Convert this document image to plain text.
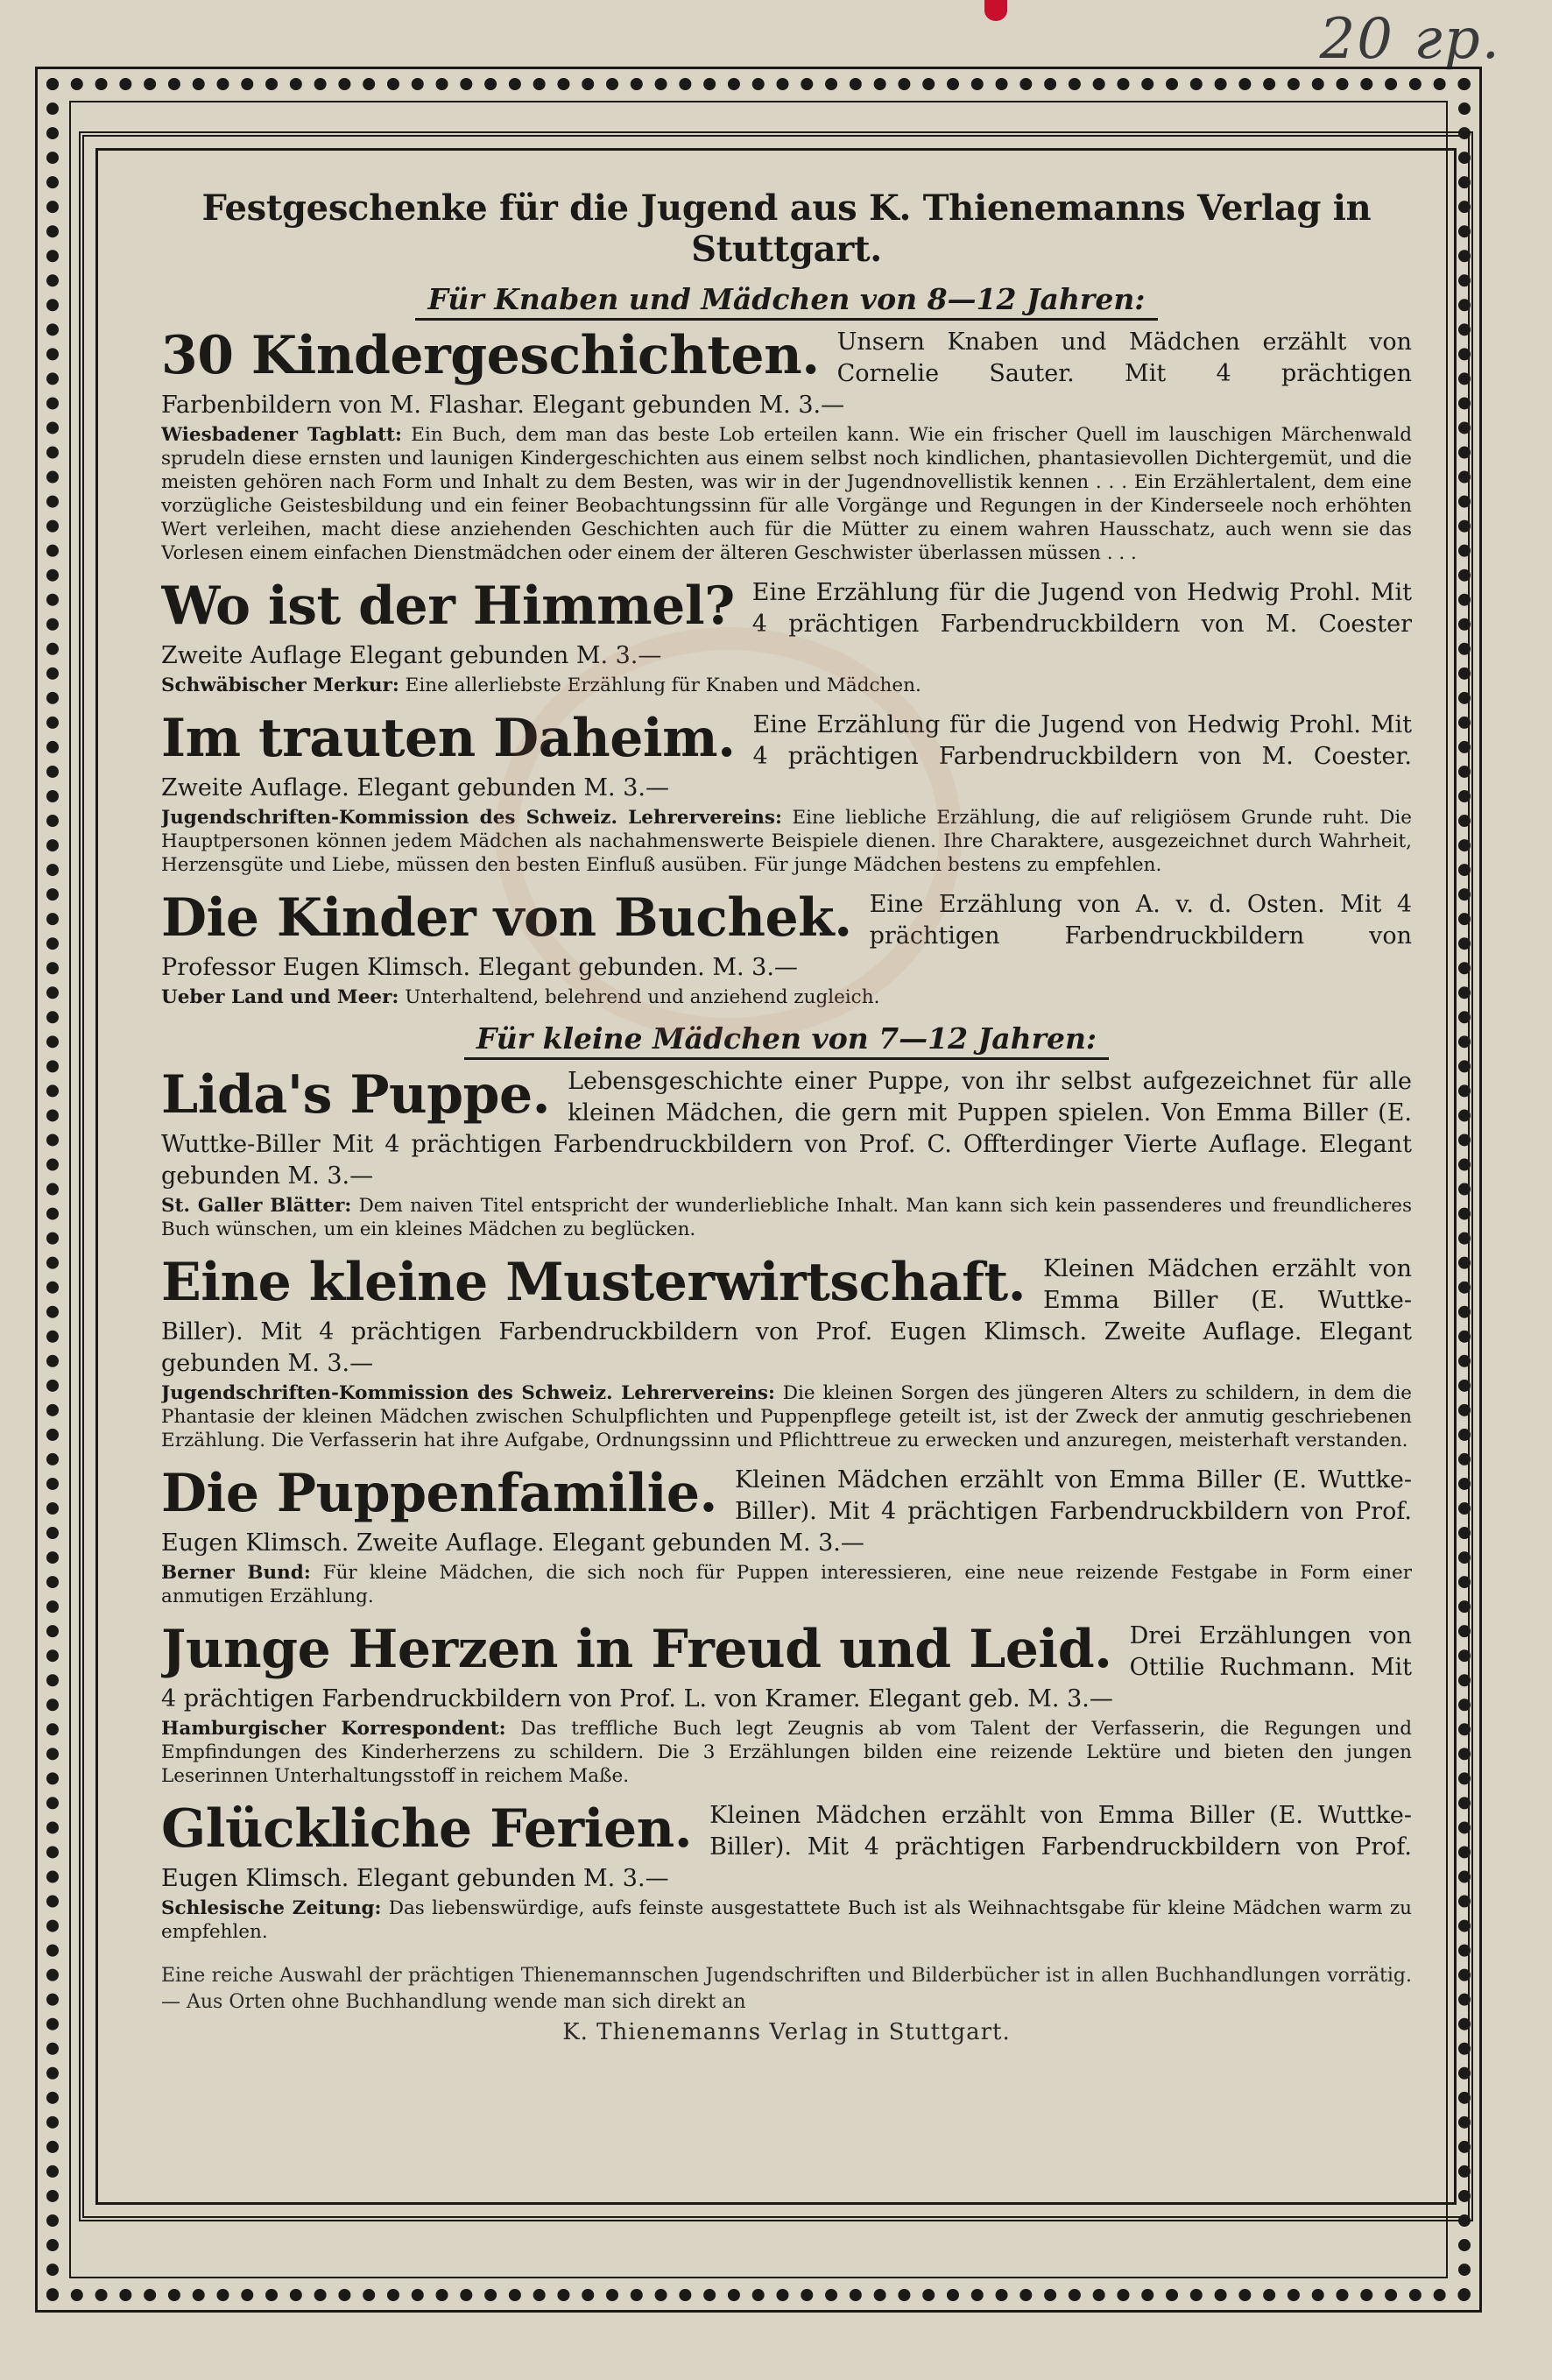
20 гр.
Festgeschenke für die Jugend aus K. Thienemanns Verlag in Stuttgart.
Für Knaben und Mädchen von 8—12 Jahren:
30 Kindergeschichten. Unsern Knaben und Mädchen erzählt von Cornelie Sauter. Mit 4 prächtigen Farbenbildern von M. Flashar. Elegant gebunden M. 3.—
Wiesbadener Tagblatt: Ein Buch, dem man das beste Lob erteilen kann. Wie ein frischer Quell im lauschigen Märchenwald sprudeln diese ernsten und launigen Kindergeschichten aus einem selbst noch kindlichen, phantasievollen Dichtergemüt, und die meisten gehören nach Form und Inhalt zu dem Besten, was wir in der Jugendnovellistik kennen . . . Ein Erzählertalent, dem eine vorzügliche Geistesbildung und ein feiner Beobachtungssinn für alle Vorgänge und Regungen in der Kinderseele noch erhöhten Wert verleihen, macht diese anziehenden Geschichten auch für die Mütter zu einem wahren Hausschatz, auch wenn sie das Vorlesen einem einfachen Dienstmädchen oder einem der älteren Geschwister überlassen müssen . . .
Wo ist der Himmel? Eine Erzählung für die Jugend von Hedwig Prohl. Mit 4 prächtigen Farbendruckbildern von M. Coester Zweite Auflage Elegant gebunden M. 3.—
Schwäbischer Merkur: Eine allerliebste Erzählung für Knaben und Mädchen.
Im trauten Daheim. Eine Erzählung für die Jugend von Hedwig Prohl. Mit 4 prächtigen Farbendruckbildern von M. Coester. Zweite Auflage. Elegant gebunden M. 3.—
Jugendschriften-Kommission des Schweiz. Lehrervereins: Eine liebliche Erzählung, die auf religiösem Grunde ruht. Die Hauptpersonen können jedem Mädchen als nachahmenswerte Beispiele dienen. Ihre Charaktere, ausgezeichnet durch Wahrheit, Herzensgüte und Liebe, müssen den besten Einfluß ausüben. Für junge Mädchen bestens zu empfehlen.
Die Kinder von Buchek. Eine Erzählung von A. v. d. Osten. Mit 4 prächtigen Farbendruckbildern von Professor Eugen Klimsch. Elegant gebunden. M. 3.—
Ueber Land und Meer: Unterhaltend, belehrend und anziehend zugleich.
Für kleine Mädchen von 7—12 Jahren:
Lida's Puppe. Lebensgeschichte einer Puppe, von ihr selbst aufgezeichnet für alle kleinen Mädchen, die gern mit Puppen spielen. Von Emma Biller (E. Wuttke-Biller Mit 4 prächtigen Farbendruckbildern von Prof. C. Offterdinger Vierte Auflage. Elegant gebunden M. 3.—
St. Galler Blätter: Dem naiven Titel entspricht der wunderliebliche Inhalt. Man kann sich kein passenderes und freundlicheres Buch wünschen, um ein kleines Mädchen zu beglücken.
Eine kleine Musterwirtschaft. Kleinen Mädchen erzählt von Emma Biller (E. Wuttke-Biller). Mit 4 prächtigen Farbendruckbildern von Prof. Eugen Klimsch. Zweite Auflage. Elegant gebunden M. 3.—
Jugendschriften-Kommission des Schweiz. Lehrervereins: Die kleinen Sorgen des jüngeren Alters zu schildern, in dem die Phantasie der kleinen Mädchen zwischen Schulpflichten und Puppenpflege geteilt ist, ist der Zweck der anmutig geschriebenen Erzählung. Die Verfasserin hat ihre Aufgabe, Ordnungssinn und Pflichttreue zu erwecken und anzuregen, meisterhaft verstanden.
Die Puppenfamilie. Kleinen Mädchen erzählt von Emma Biller (E. Wuttke-Biller). Mit 4 prächtigen Farbendruckbildern von Prof. Eugen Klimsch. Zweite Auflage. Elegant gebunden M. 3.—
Berner Bund: Für kleine Mädchen, die sich noch für Puppen interessieren, eine neue reizende Festgabe in Form einer anmutigen Erzählung.
Junge Herzen in Freud und Leid. Drei Erzählungen von Ottilie Ruchmann. Mit 4 prächtigen Farbendruckbildern von Prof. L. von Kramer. Elegant geb. M. 3.—
Hamburgischer Korrespondent: Das treffliche Buch legt Zeugnis ab vom Talent der Verfasserin, die Regungen und Empfindungen des Kinderherzens zu schildern. Die 3 Erzählungen bilden eine reizende Lektüre und bieten den jungen Leserinnen Unterhaltungsstoff in reichem Maße.
Glückliche Ferien. Kleinen Mädchen erzählt von Emma Biller (E. Wuttke-Biller). Mit 4 prächtigen Farbendruckbildern von Prof. Eugen Klimsch. Elegant gebunden M. 3.—
Schlesische Zeitung: Das liebenswürdige, aufs feinste ausgestattete Buch ist als Weihnachtsgabe für kleine Mädchen warm zu empfehlen.
Eine reiche Auswahl der prächtigen Thienemannschen Jugendschriften und Bilderbücher ist in allen Buchhandlungen vorrätig. — Aus Orten ohne Buchhandlung wende man sich direkt an
K. Thienemanns Verlag in Stuttgart.
